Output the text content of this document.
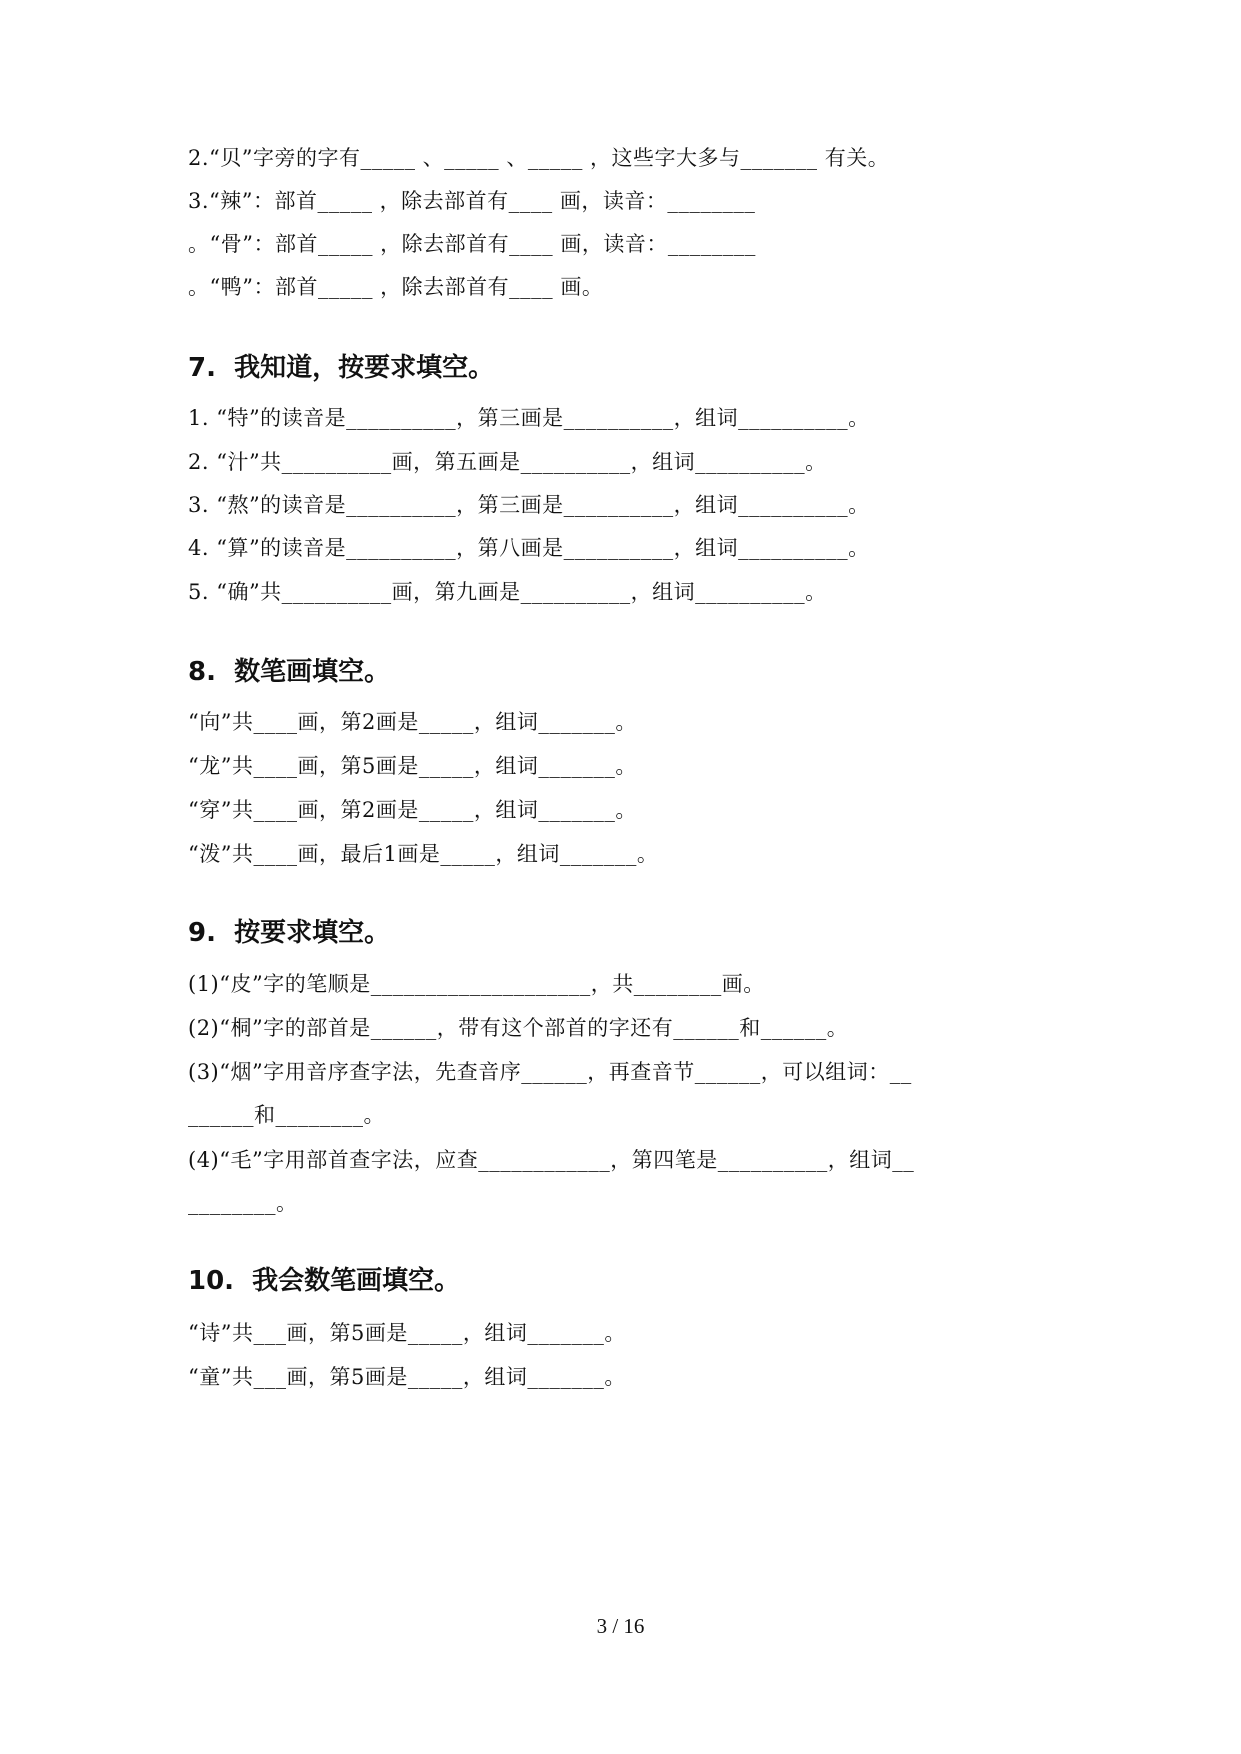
2.“贝”字旁的字有_____ 、_____ 、_____ ，这些字大多与_______ 有关。
3.“辣”：部首_____ ，除去部首有____ 画，读音：________
。“骨”：部首_____ ，除去部首有____ 画，读音：________
。“鸭”：部首_____ ，除去部首有____ 画。
7.  我知道，按要求填空。
1. “特”的读音是__________，第三画是__________，组词__________。
2. “汁”共__________画，第五画是__________，组词__________。
3. “熬”的读音是__________，第三画是__________，组词__________。
4. “算”的读音是__________，第八画是__________，组词__________。
5. “确”共__________画，第九画是__________，组词__________。
8.  数笔画填空。
“向”共____画，第2画是_____，组词_______。
“龙”共____画，第5画是_____，组词_______。
“穿”共____画，第2画是_____，组词_______。
“泼”共____画，最后1画是_____，组词_______。
9.  按要求填空。
(1)“皮”字的笔顺是____________________，共________画。
(2)“桐”字的部首是______，带有这个部首的字还有______和______。
(3)“烟”字用音序查字法，先查音序______，再查音节______，可以组词：__
______和________。
(4)“毛”字用部首查字法，应查____________，第四笔是__________，组词__
________。
10.  我会数笔画填空。
“诗”共___画，第5画是_____，组词_______。
“童”共___画，第5画是_____，组词_______。
3 / 16
